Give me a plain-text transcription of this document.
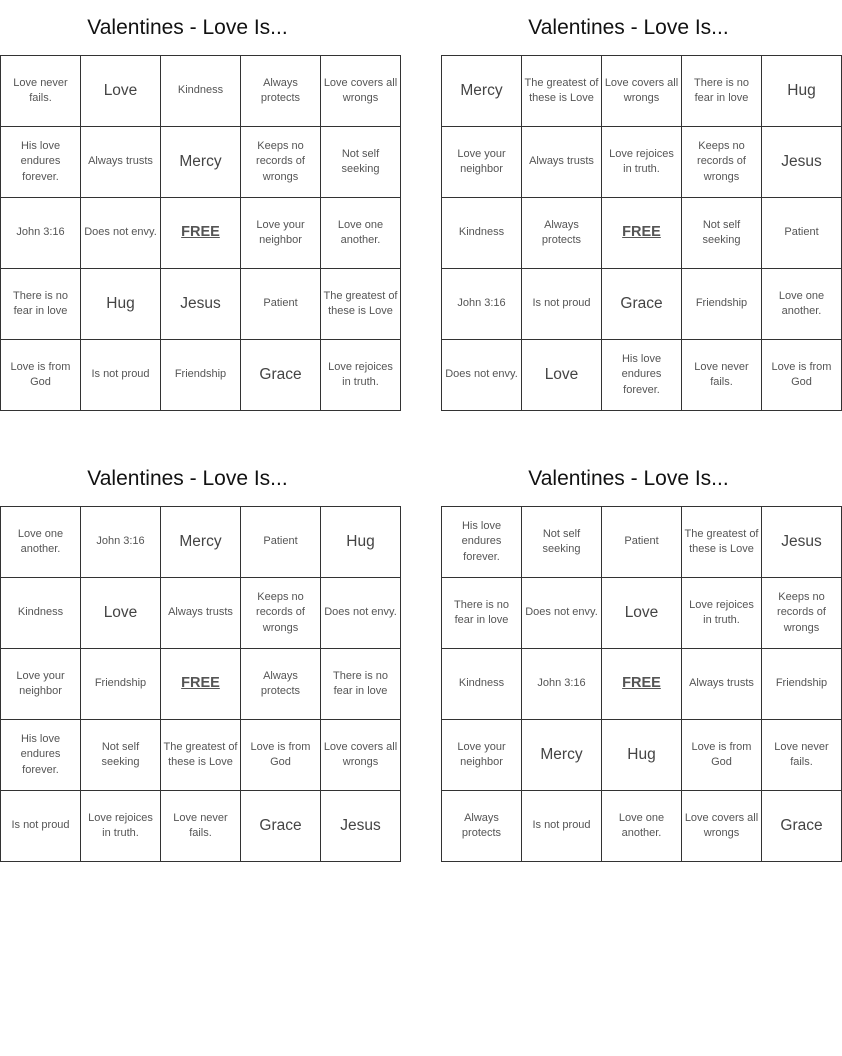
Valentines - Love Is...
Love never fails.	Love	Kindness	Always protects	Love covers all wrongs
His love endures forever.	Always trusts	Mercy	Keeps no records of wrongs	Not self seeking
John 3:16	Does not envy.	FREE	Love your neighbor	Love one another.
There is no fear in love	Hug	Jesus	Patient	The greatest of these is Love
Love is from God	Is not proud	Friendship	Grace	Love rejoices in truth.
Valentines - Love Is...
Mercy	The greatest of these is Love	Love covers all wrongs	There is no fear in love	Hug
Love your neighbor	Always trusts	Love rejoices in truth.	Keeps no records of wrongs	Jesus
Kindness	Always protects	FREE	Not self seeking	Patient
John 3:16	Is not proud	Grace	Friendship	Love one another.
Does not envy.	Love	His love endures forever.	Love never fails.	Love is from God
Valentines - Love Is...
Love one another.	John 3:16	Mercy	Patient	Hug
Kindness	Love	Always trusts	Keeps no records of wrongs	Does not envy.
Love your neighbor	Friendship	FREE	Always protects	There is no fear in love
His love endures forever.	Not self seeking	The greatest of these is Love	Love is from God	Love covers all wrongs
Is not proud	Love rejoices in truth.	Love never fails.	Grace	Jesus
Valentines - Love Is...
His love endures forever.	Not self seeking	Patient	The greatest of these is Love	Jesus
There is no fear in love	Does not envy.	Love	Love rejoices in truth.	Keeps no records of wrongs
Kindness	John 3:16	FREE	Always trusts	Friendship
Love your neighbor	Mercy	Hug	Love is from God	Love never fails.
Always protects	Is not proud	Love one another.	Love covers all wrongs	Grace
